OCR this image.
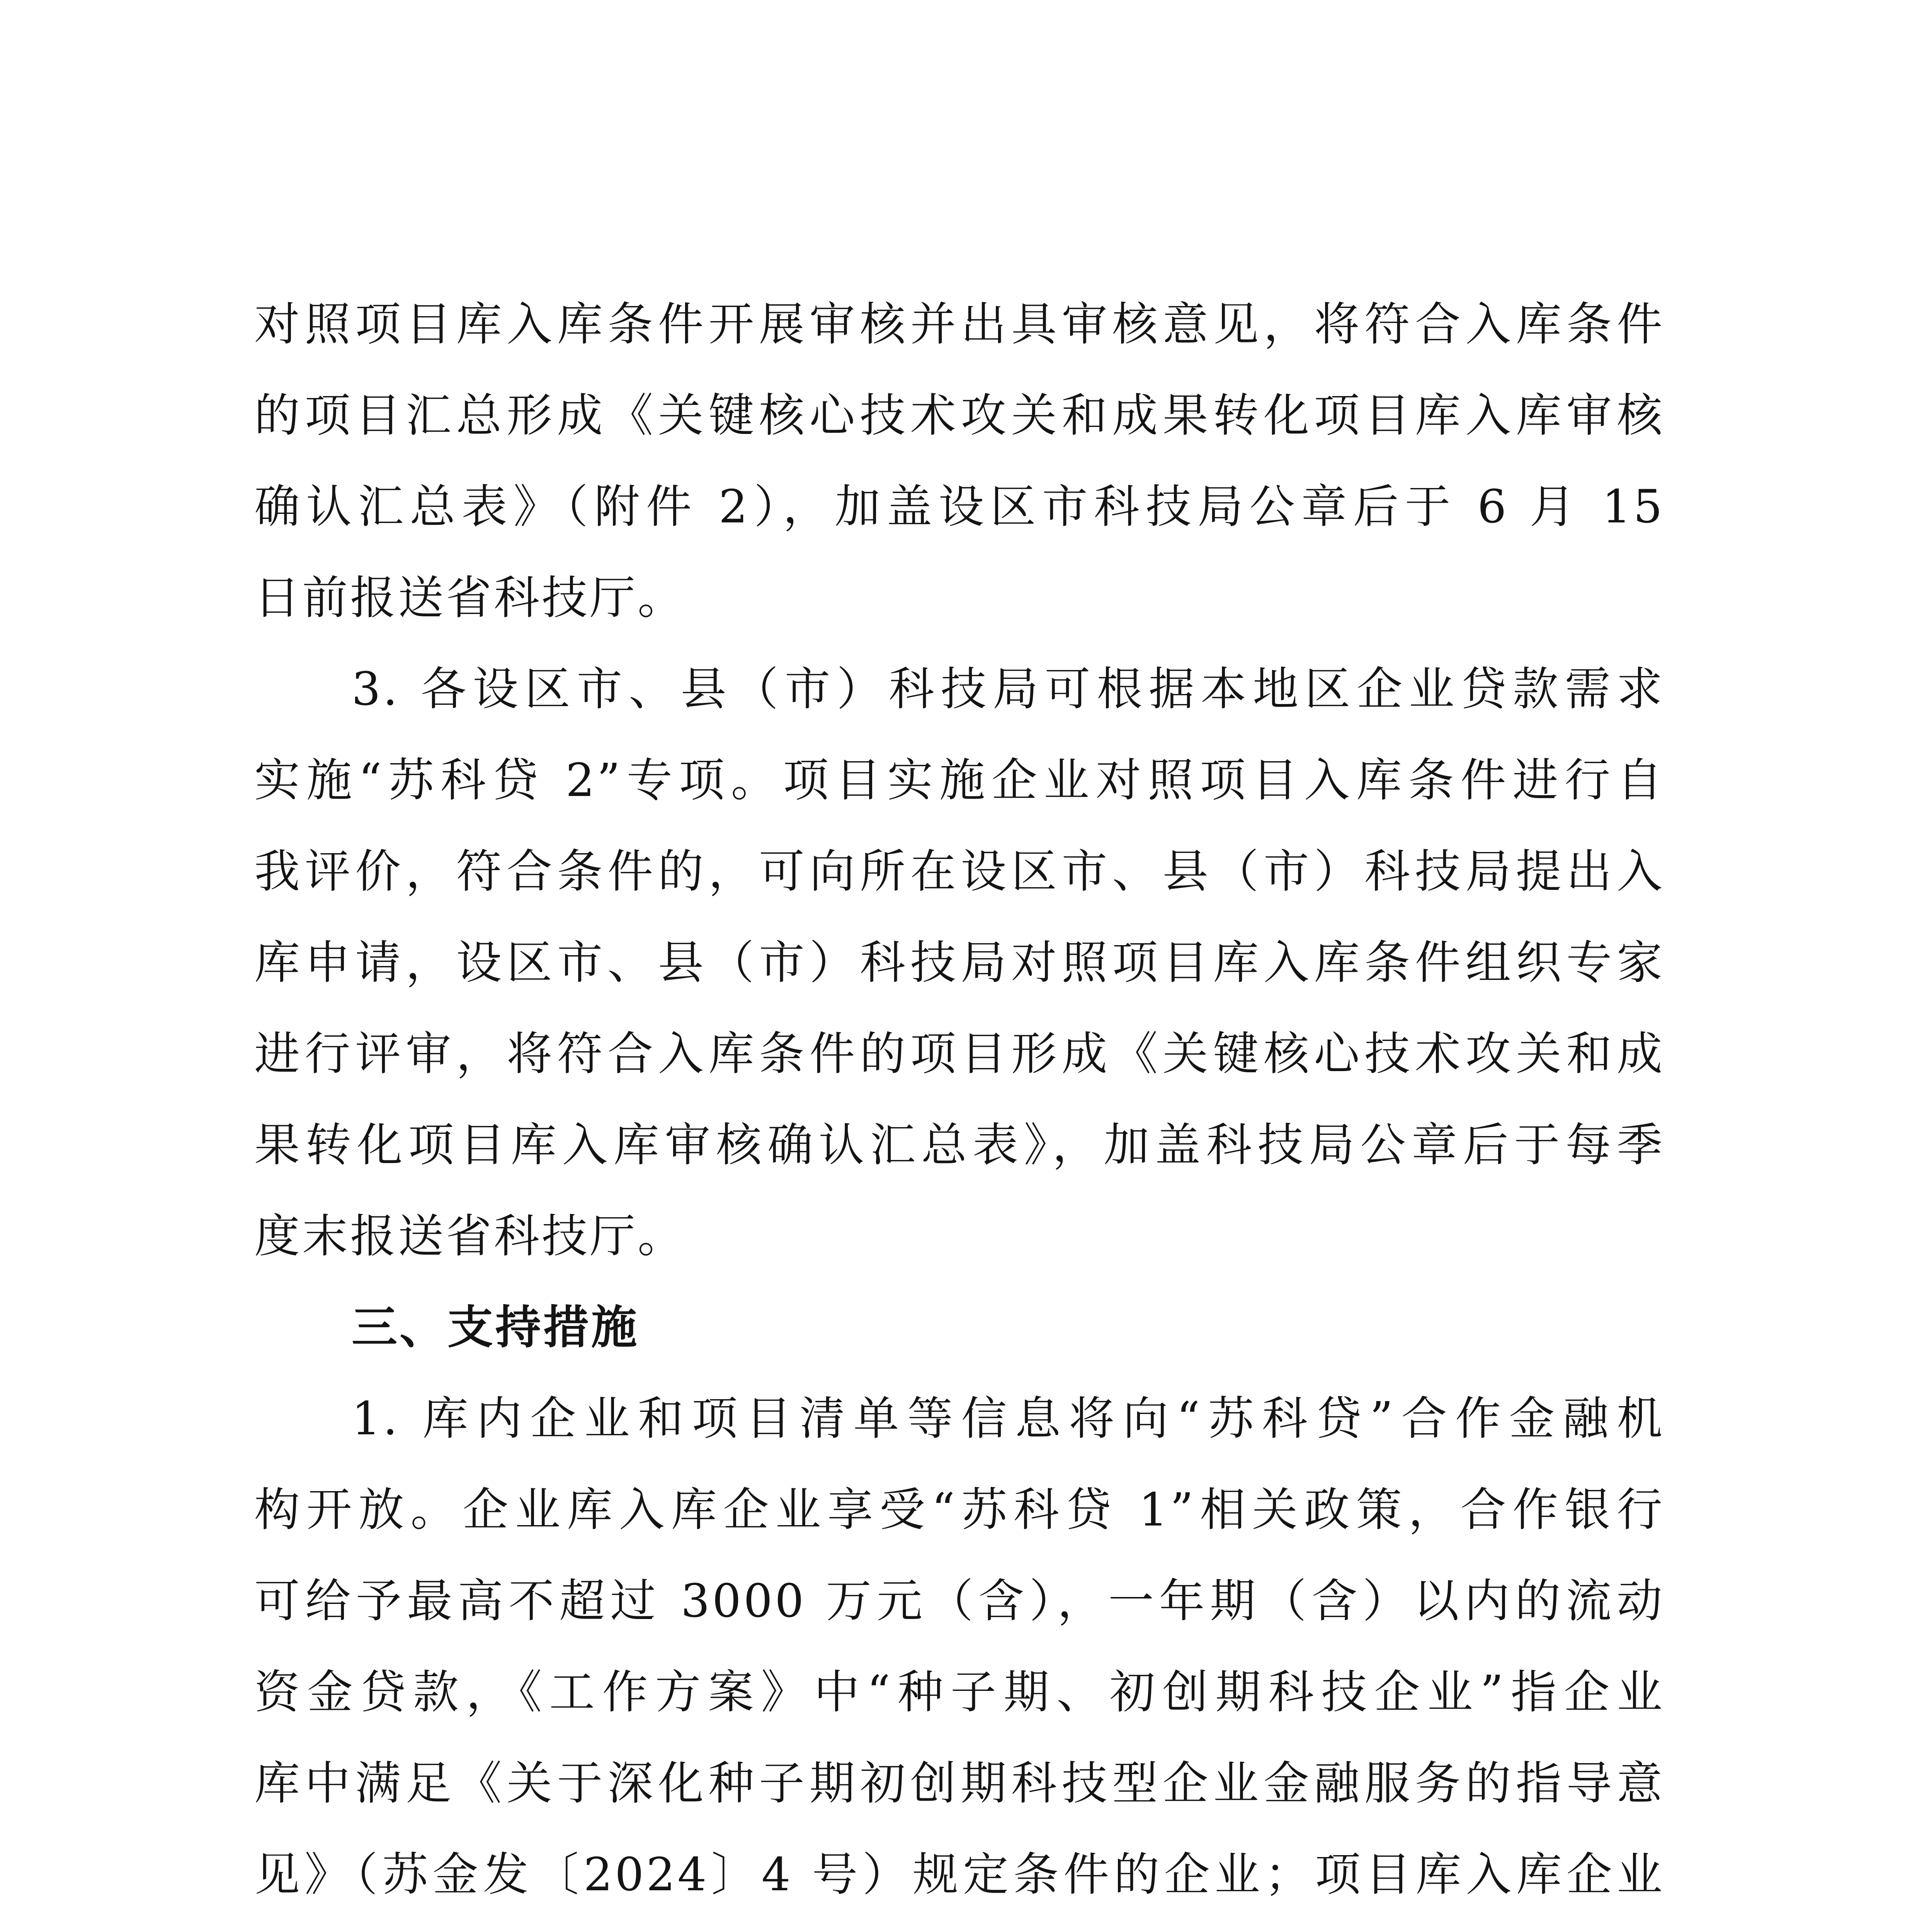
对照项目库入库条件开展审核并出具审核意见，将符合入库条件
的项目汇总形成《关键核心技术攻关和成果转化项目库入库审核
确认汇总表》（附件 2），加盖设区市科技局公章后于 6 月 15
日前报送省科技厅。
3. 各设区市、县（市）科技局可根据本地区企业贷款需求
实施“苏科贷 2”专项。项目实施企业对照项目入库条件进行自
我评价，符合条件的，可向所在设区市、县（市）科技局提出入
库申请，设区市、县（市）科技局对照项目库入库条件组织专家
进行评审，将符合入库条件的项目形成《关键核心技术攻关和成
果转化项目库入库审核确认汇总表》，加盖科技局公章后于每季
度末报送省科技厅。
三、支持措施
1. 库内企业和项目清单等信息将向“苏科贷”合作金融机
构开放。企业库入库企业享受“苏科贷 1”相关政策，合作银行
可给予最高不超过 3000 万元（含），一年期（含）以内的流动
资金贷款，《工作方案》中“种子期、初创期科技企业”指企业
库中满足《关于深化种子期初创期科技型企业金融服务的指导意
见》（苏金发〔2024〕4 号）规定条件的企业；项目库入库企业
